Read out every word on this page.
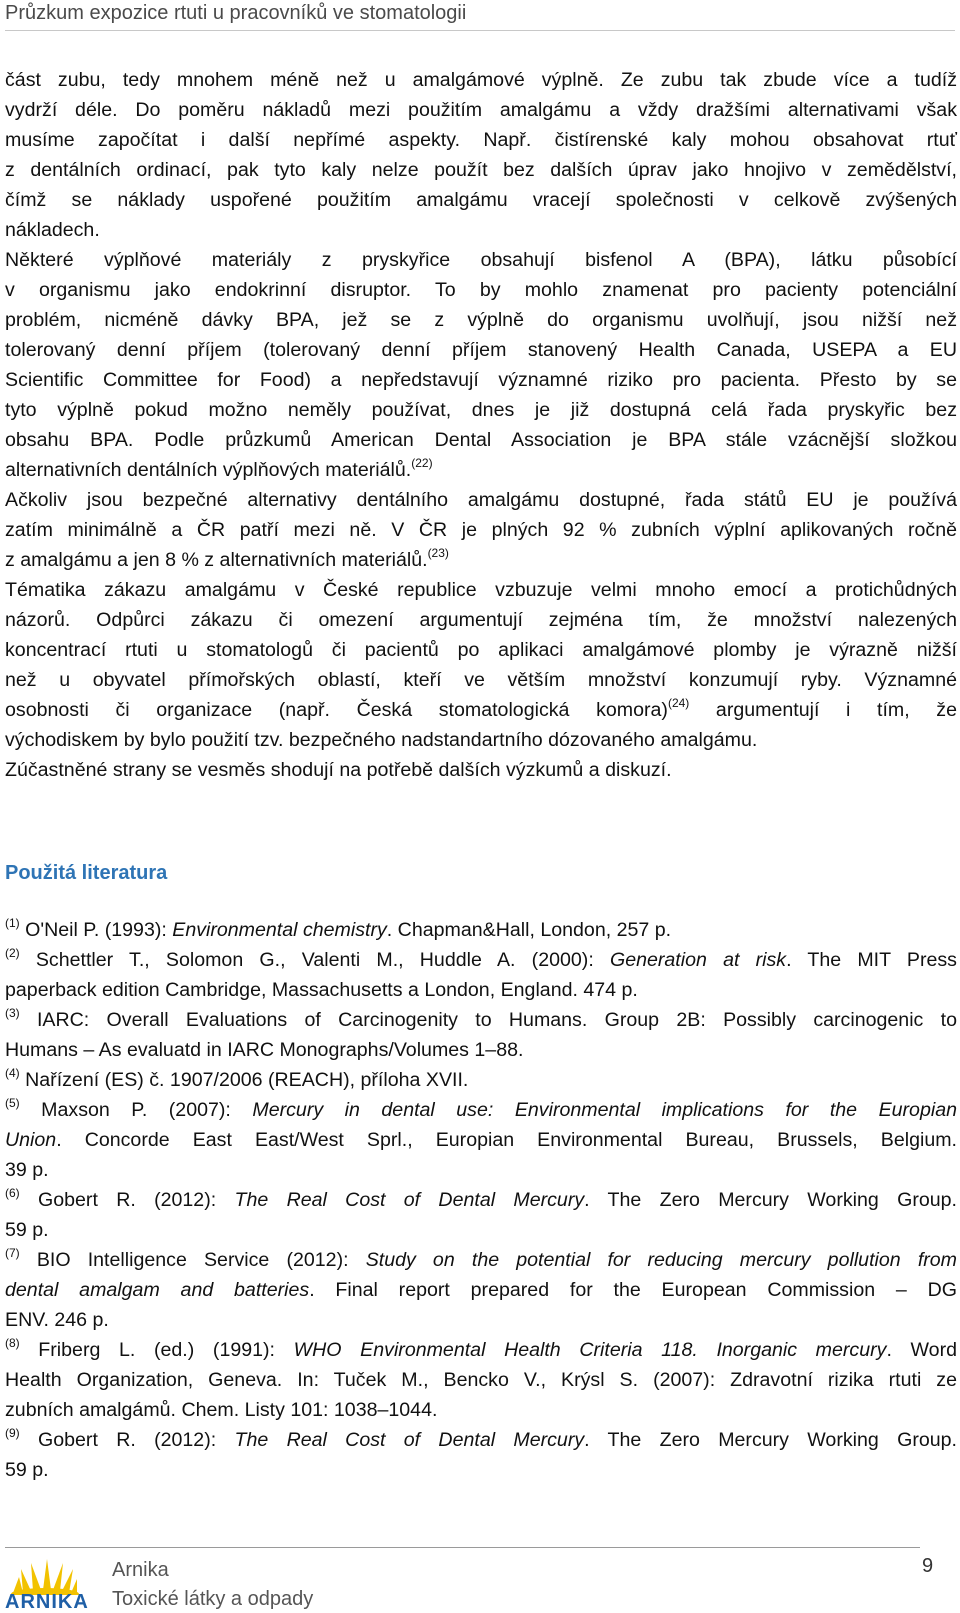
Průzkum expozice rtuti u pracovníků ve stomatologii
část zubu, tedy mnohem méně než u amalgámové výplně. Ze zubu tak zbude více a tudíž
vydrží déle. Do poměru nákladů mezi použitím amalgámu a vždy dražšími alternativami však
musíme započítat i další nepřímé aspekty. Např. čistírenské kaly mohou obsahovat rtuť
z dentálních ordinací, pak tyto kaly nelze použít bez dalších úprav jako hnojivo v zemědělství,
čímž se náklady uspořené použitím amalgámu vracejí společnosti v celkově zvýšených
nákladech.
Některé výplňové materiály z pryskyřice obsahují bisfenol A (BPA), látku působící
v organismu jako endokrinní disruptor. To by mohlo znamenat pro pacienty potenciální
problém, nicméně dávky BPA, jež se z výplně do organismu uvolňují, jsou nižší než
tolerovaný denní příjem (tolerovaný denní příjem stanovený Health Canada, USEPA a EU
Scientific Committee for Food) a nepředstavují významné riziko pro pacienta. Přesto by se
tyto výplně pokud možno neměly používat, dnes je již dostupná celá řada pryskyřic bez
obsahu BPA. Podle průzkumů American Dental Association je BPA stále vzácnější složkou
alternativních dentálních výplňových materiálů.$^{(22)}$
Ačkoliv jsou bezpečné alternativy dentálního amalgámu dostupné, řada států EU je používá
zatím minimálně a ČR patří mezi ně. V ČR je plných 92 % zubních výplní aplikovaných ročně
z amalgámu a jen 8 % z alternativních materiálů.$^{(23)}$
Tématika zákazu amalgámu v České republice vzbuzuje velmi mnoho emocí a protichůdných
názorů. Odpůrci zákazu či omezení argumentují zejména tím, že množství nalezených
koncentrací rtuti u stomatologů či pacientů po aplikaci amalgámové plomby je výrazně nižší
než u obyvatel přímořských oblastí, kteří ve větším množství konzumují ryby. Významné
osobnosti či organizace (např. Česká stomatologická komora)$^{(24)}$ argumentují i tím, že
východiskem by bylo použití tzv. bezpečného nadstandartního dózovaného amalgámu.
Zúčastněné strany se vesměs shodují na potřebě dalších výzkumů a diskuzí.
Použitá literatura
$^{(1)}$ O'Neil P. (1993): Environmental chemistry. Chapman&Hall, London, 257 p.
$^{(2)}$ Schettler T., Solomon G., Valenti M., Huddle A. (2000): Generation at risk. The MIT Press
paperback edition Cambridge, Massachusetts a London, England. 474 p.
$^{(3)}$ IARC: Overall Evaluations of Carcinogenity to Humans. Group 2B: Possibly carcinogenic to
Humans – As evaluatd in IARC Monographs/Volumes 1–88.
$^{(4)}$ Nařízení (ES) č. 1907/2006 (REACH), příloha XVII.
$^{(5)}$ Maxson P. (2007): Mercury in dental use: Environmental implications for the Europian
Union. Concorde East East/West Sprl., Europian Environmental Bureau, Brussels, Belgium.
39 p.
$^{(6)}$ Gobert R. (2012): The Real Cost of Dental Mercury. The Zero Mercury Working Group.
59 p.
$^{(7)}$ BIO Intelligence Service (2012): Study on the potential for reducing mercury pollution from
dental amalgam and batteries. Final report prepared for the European Commission – DG
ENV. 246 p.
$^{(8)}$ Friberg L. (ed.) (1991): WHO Environmental Health Criteria 118. Inorganic mercury. Word
Health Organization, Geneva. In: Tuček M., Bencko V., Krýsl S. (2007): Zdravotní rizika rtuti ze
zubních amalgámů. Chem. Listy 101: 1038–1044.
$^{(9)}$ Gobert R. (2012): The Real Cost of Dental Mercury. The Zero Mercury Working Group.
59 p.
ARNIKA
Arnika
Toxické látky a odpady
9
